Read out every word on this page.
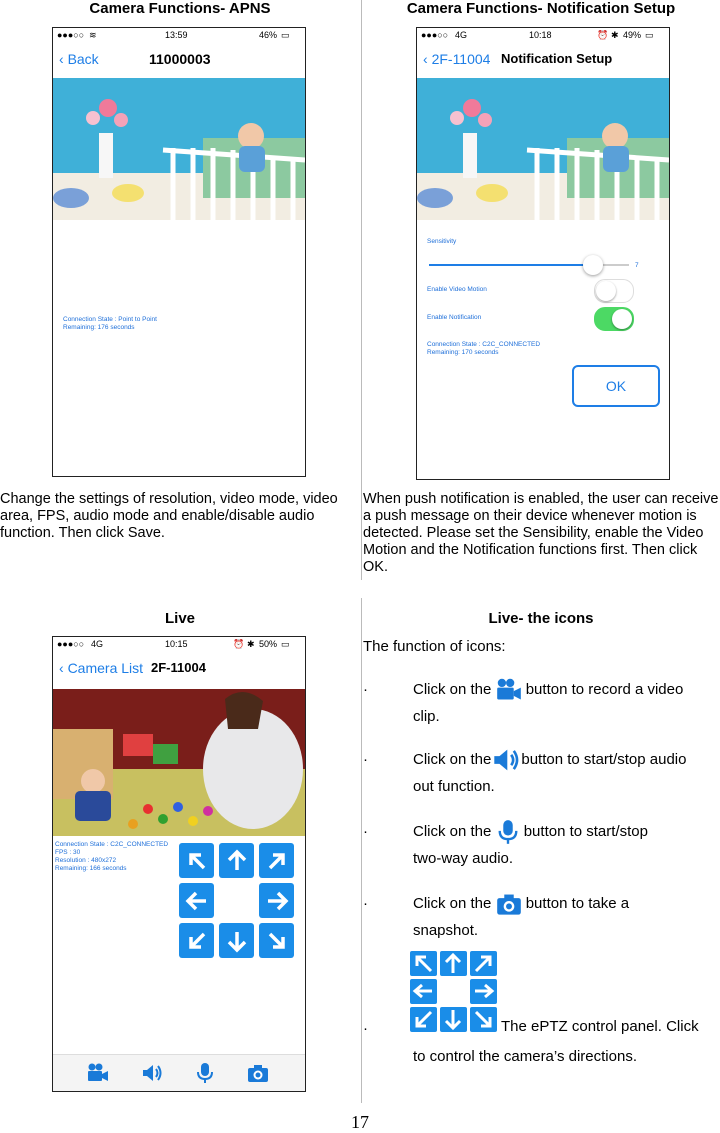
Camera Functions- APNS
●●●○○ ≋	13:59	46% ▭
‹ Back	11000003
Connection State : Point to Point
Remaining: 176 seconds
Change the settings of resolution, video mode, video area, FPS, audio mode and enable/disable audio function. Then click Save.
Camera Functions- Notification Setup
●●●○○ 4G	10:18	⏰ ✱ 49% ▭
‹ 2F-11004 Notification Setup
Sensitivity
7
Enable Video Motion
Enable Notification
Connection State : C2C_CONNECTED
Remaining: 170 seconds
OK
When push notification is enabled, the user can receive a push message on their device whenever motion is detected. Please set the Sensibility, enable the Video Motion and the Notification functions first. Then click OK.
Live
●●●○○ 4G	10:15	⏰ ✱ 50% ▭
‹ Camera List 2F-11004
Connection State : C2C_CONNECTED
FPS : 30
Resolution : 480x272
Remaining: 166 seconds
Live- the icons
The function of icons:
·	Click on the button to record a video
clip.
·	Click on the button to start/stop audio
out function.
·	Click on the button to start/stop
two-way audio.
·	Click on the button to take a
snapshot.
·	The ePTZ control panel. Click
to control the camera’s directions.
17
